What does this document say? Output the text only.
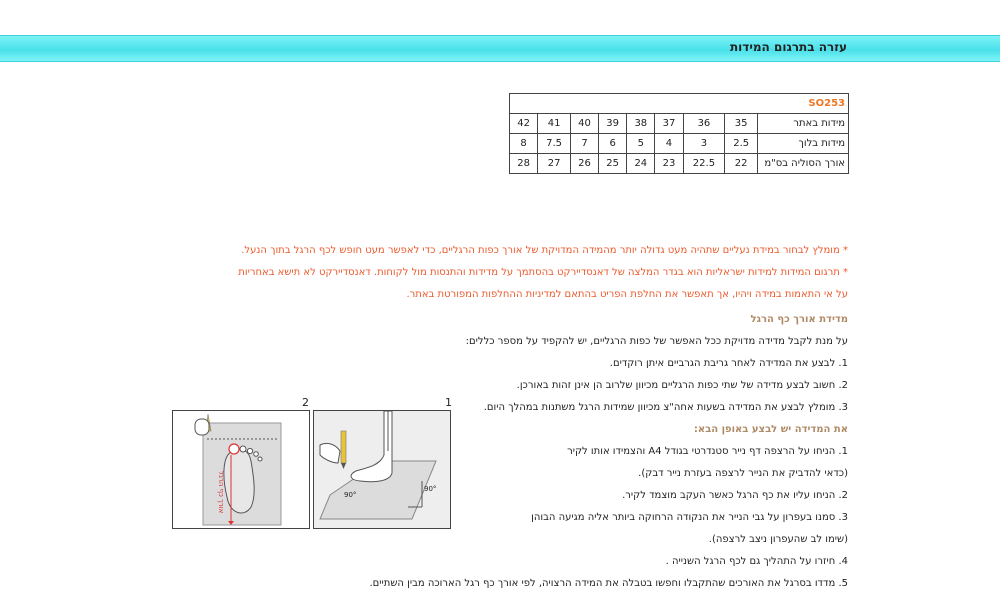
עזרה בתרגום המידות
SO253								
מידות באתר	35	36	37	38	39	40	41	42
מידות בלוך	2.5	3	4	5	6	7	7.5	8
אורך הסוליה בס"מ	22	22.5	23	24	25	26	27	28
* מומלץ לבחור במידת נעליים שתהיה מעט גדולה יותר מהמידה המדויקת של אורך כפות הרגליים, כדי לאפשר מעט חופש לכף הרגל בתוך הנעל.
* תרגום המידות למידות ישראליות הוא בגדר המלצה של דאנסדיירקט בהסתמך על מדידות והתנסות מול לקוחות. דאנסדיירקט לא תישא באחריות
על אי התאמות במידה ויהיו, אך תאפשר את החלפת הפריט בהתאם למדיניות ההחלפות המפורטת באתר.
מדידת אורך כף הרגל
על מנת לקבל מדידה מדויקת ככל האפשר של כפות הרגליים, יש להקפיד על מספר כללים:
1. לבצע את המדידה לאחר גריבת הגרביים איתן רוקדים.
2. חשוב לבצע מדידה של שתי כפות הרגליים מכיוון שלרוב הן אינן זהות באורכן.
3. מומלץ לבצע את המדידה בשעות אחה"צ מכיוון שמידות הרגל משתנות במהלך היום.
את המדידה יש לבצע באופן הבא:
1. הניחו על הרצפה דף נייר סטנדרטי בגודל A4 והצמידו אותו לקיר
(כדאי להדביק את הנייר לרצפה בעזרת נייר דבק).
2. הניחו עליו את כף הרגל כאשר העקב מוצמד לקיר.
3. סמנו בעפרון על גבי הנייר את הנקודה הרחוקה ביותר אליה מגיעה הבוהן
(שימו לב שהעפרון ניצב לרצפה).
4. חיזרו על התהליך גם לכף הרגל השנייה .
5. מדדו בסרגל את האורכים שהתקבלו וחפשו בטבלה את המידה הרצויה, לפי אורך כף רגל הארוכה מבין השתיים.
2	1
אורך כף הרגל	90°
90°
